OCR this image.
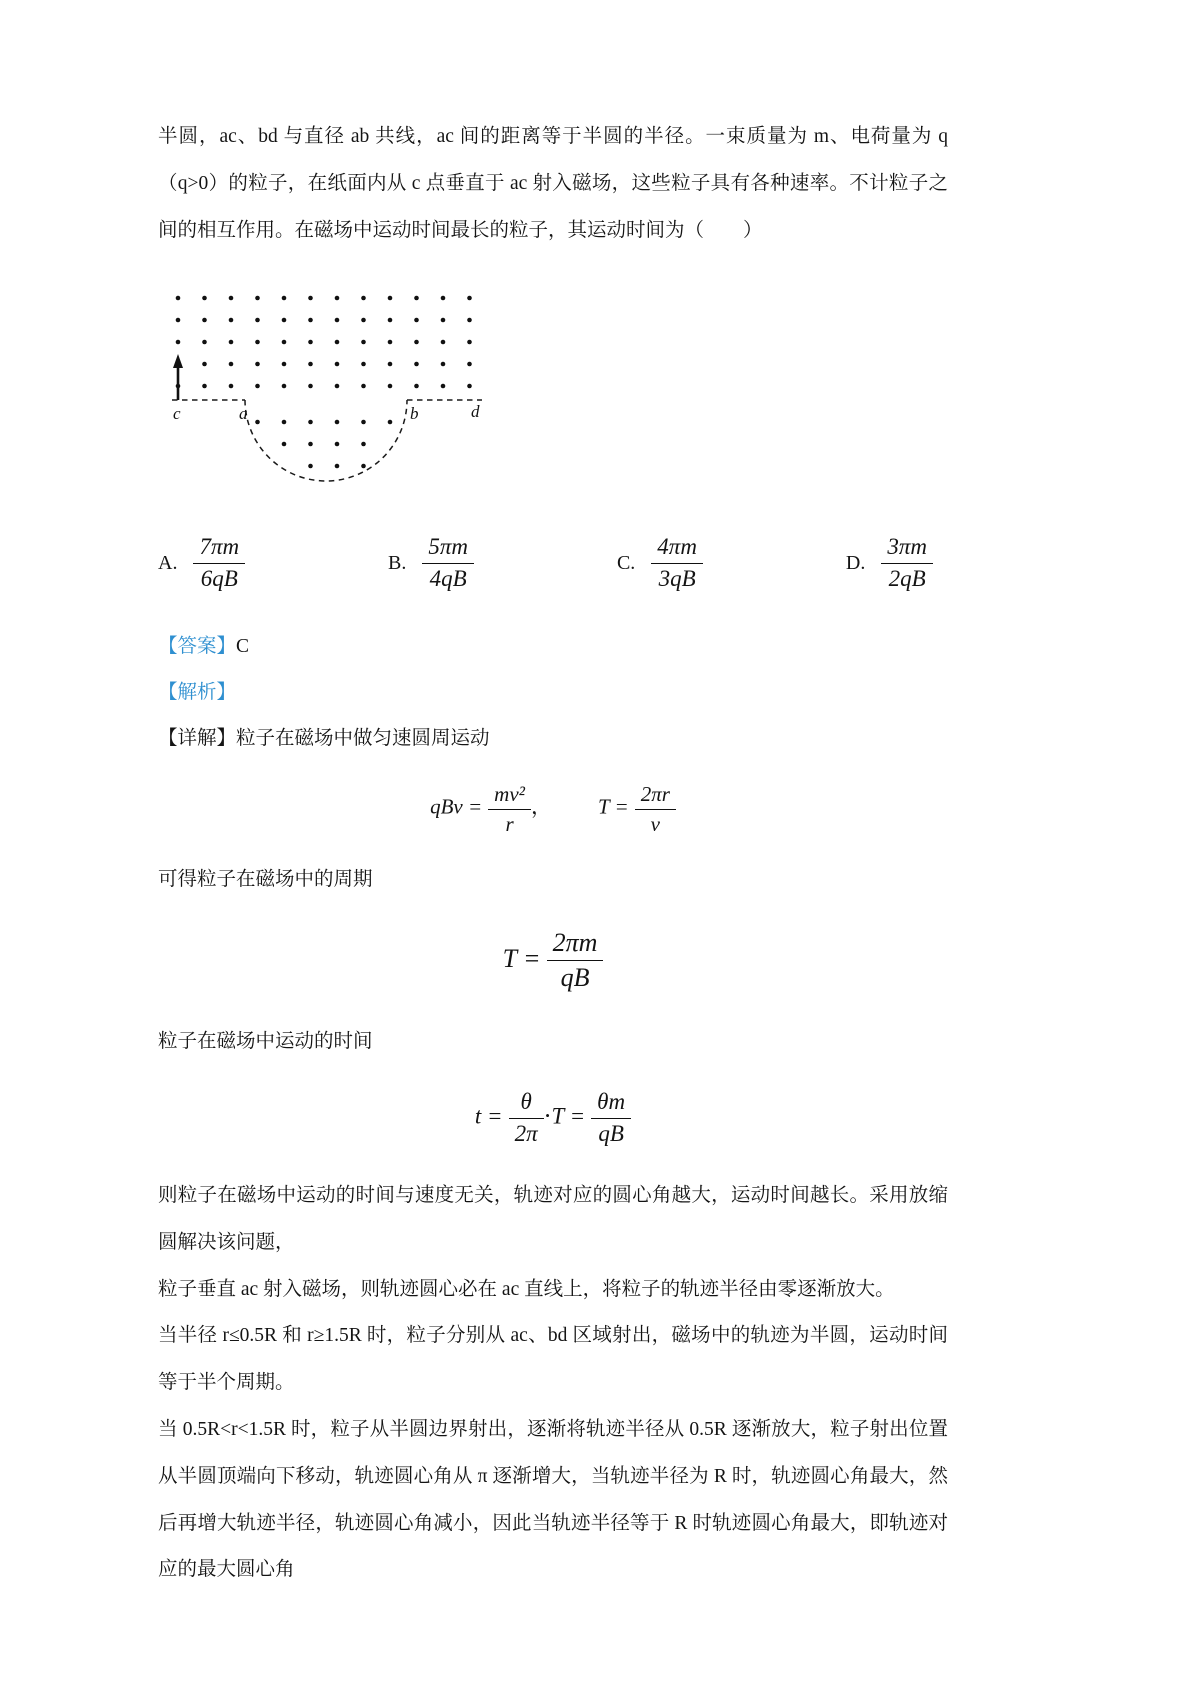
半圆，ac、bd 与直径 ab 共线，ac 间的距离等于半圆的半径。一束质量为 m、电荷量为 q（q>0）的粒子，在纸面内从 c 点垂直于 ac 射入磁场，这些粒子具有各种速率。不计粒子之间的相互作用。在磁场中运动时间最长的粒子，其运动时间为（　　）

c	a	b	d
A. $\frac{7\pi m}{6qB}$	B. $\frac{5\pi m}{4qB}$	C. $\frac{4\pi m}{3qB}$	D. $\frac{3\pi m}{2qB}$

【答案】C

【解析】

【详解】粒子在磁场中做匀速圆周运动

qBv = $\frac{\text{mv²}}{r}$ ， $T = \frac{2\pi r}{v}$

可得粒子在磁场中的周期

$T = \frac{2\pi m}{qB}$

粒子在磁场中运动的时间

$t = \frac{\theta}{2\pi} \cdot T = \frac{\theta m}{qB}$

则粒子在磁场中运动的时间与速度无关，轨迹对应的圆心角越大，运动时间越长。采用放缩圆解决该问题，

粒子垂直 ac 射入磁场，则轨迹圆心必在 ac 直线上，将粒子的轨迹半径由零逐渐放大。

当半径 r≤0.5R 和 r≥1.5R 时，粒子分别从 ac、bd 区域射出，磁场中的轨迹为半圆，运动时间等于半个周期。

当 0.5R<r<1.5R 时，粒子从半圆边界射出，逐渐将轨迹半径从 0.5R 逐渐放大，粒子射出位置从半圆顶端向下移动，轨迹圆心角从 π 逐渐增大，当轨迹半径为 R 时，轨迹圆心角最大，然后再增大轨迹半径，轨迹圆心角减小，因此当轨迹半径等于 R 时轨迹圆心角最大，即轨迹对应的最大圆心角
